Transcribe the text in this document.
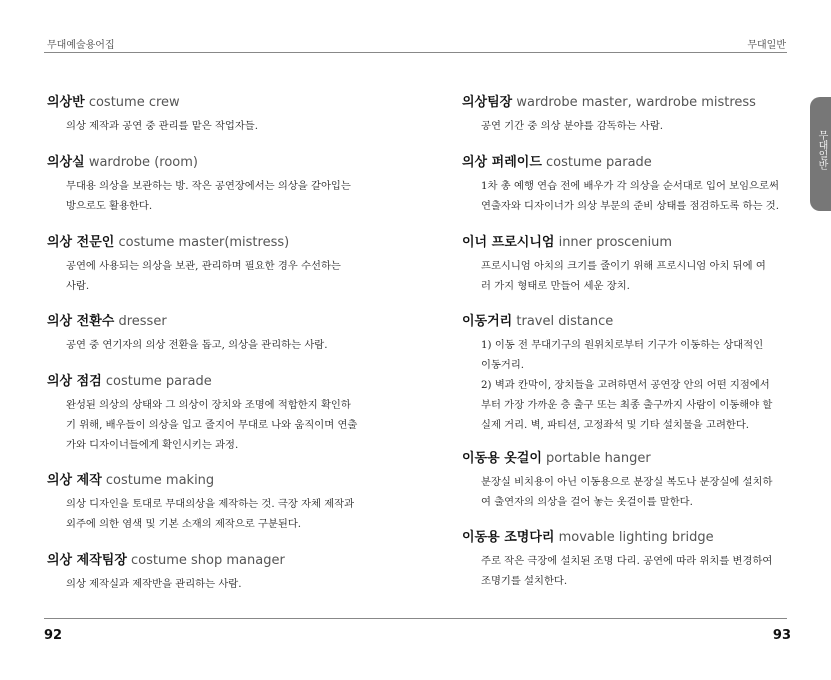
무대예술용어집	무대일반
무대일반
의상반 costume crew
의상 제작과 공연 중 관리를 맡은 작업자들.
의상실 wardrobe (room)
무대용 의상을 보관하는 방. 작은 공연장에서는 의상을 갈아입는
방으로도 활용한다.
의상 전문인 costume master(mistress)
공연에 사용되는 의상을 보관, 관리하며 필요한 경우 수선하는
사람.
의상 전환수 dresser
공연 중 연기자의 의상 전환을 돕고, 의상을 관리하는 사람.
의상 점검 costume parade
완성된 의상의 상태와 그 의상이 장치와 조명에 적합한지 확인하
기 위해, 배우들이 의상을 입고 줄지어 무대로 나와 움직이며 연출
가와 디자이너들에게 확인시키는 과정.
의상 제작 costume making
의상 디자인을 토대로 무대의상을 제작하는 것. 극장 자체 제작과
외주에 의한 염색 및 기본 소재의 제작으로 구분된다.
의상 제작팀장 costume shop manager
의상 제작실과 제작반을 관리하는 사람.
의상팀장 wardrobe master, wardrobe mistress
공연 기간 중 의상 분야를 감독하는 사람.
의상 퍼레이드 costume parade
1차 총 예행 연습 전에 배우가 각 의상을 순서대로 입어 보임으로써
연출자와 디자이너가 의상 부문의 준비 상태를 점검하도록 하는 것.
이너 프로시니엄 inner proscenium
프로시니엄 아치의 크기를 줄이기 위해 프로시니엄 아치 뒤에 여
러 가지 형태로 만들어 세운 장치.
이동거리 travel distance
1) 이동 전 무대기구의 원위치로부터 기구가 이동하는 상대적인
이동거리.
2) 벽과 칸막이, 장치들을 고려하면서 공연장 안의 어떤 지점에서
부터 가장 가까운 층 출구 또는 최종 출구까지 사람이 이동해야 할
실제 거리. 벽, 파티션, 고정좌석 및 기타 설치물을 고려한다.
이동용 옷걸이 portable hanger
분장실 비치용이 아닌 이동용으로 분장실 복도나 분장실에 설치하
여 출연자의 의상을 걸어 놓는 옷걸이를 말한다.
이동용 조명다리 movable lighting bridge
주로 작은 극장에 설치된 조명 다리. 공연에 따라 위치를 변경하여
조명기를 설치한다.
92	93
